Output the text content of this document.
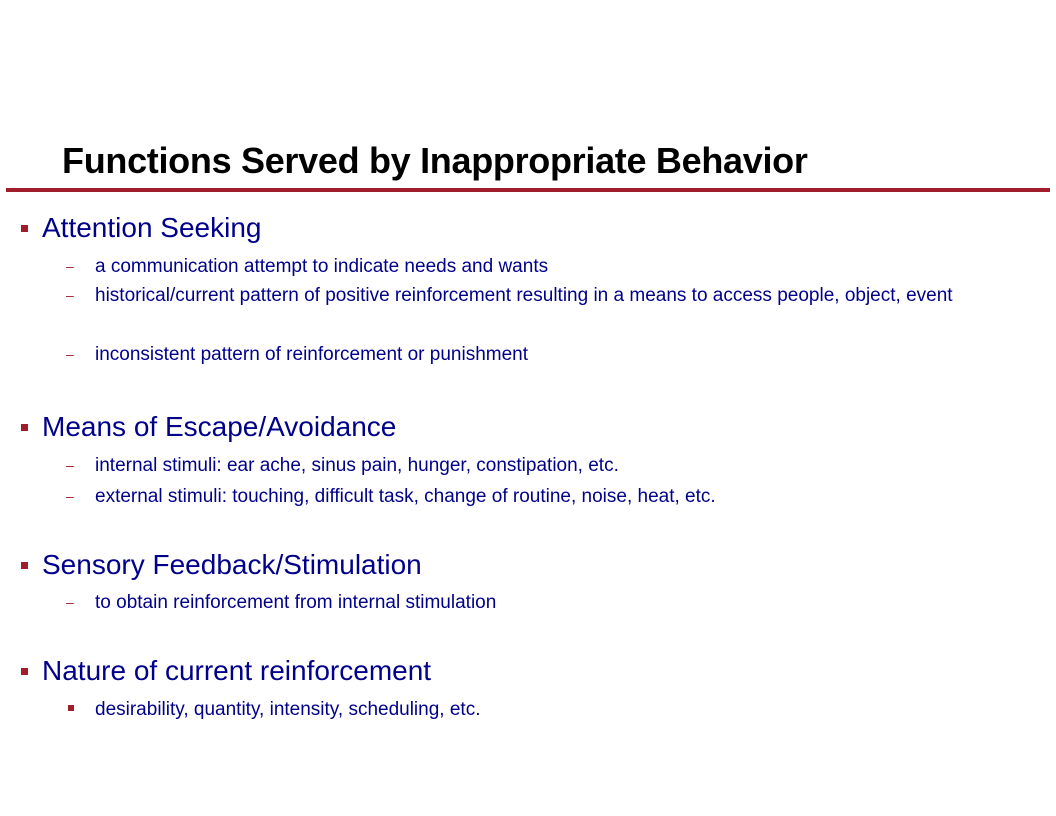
Functions Served by Inappropriate Behavior
Attention Seeking
– a communication attempt to indicate needs and wants
– historical/current pattern of positive reinforcement resulting in a means to access people, object, event
– inconsistent pattern of reinforcement or punishment
Means of Escape/Avoidance
– internal stimuli: ear ache, sinus pain, hunger, constipation, etc.
– external stimuli: touching, difficult task, change of routine, noise, heat, etc.
Sensory Feedback/Stimulation
– to obtain reinforcement from internal stimulation
Nature of current reinforcement
desirability, quantity, intensity, scheduling, etc.
